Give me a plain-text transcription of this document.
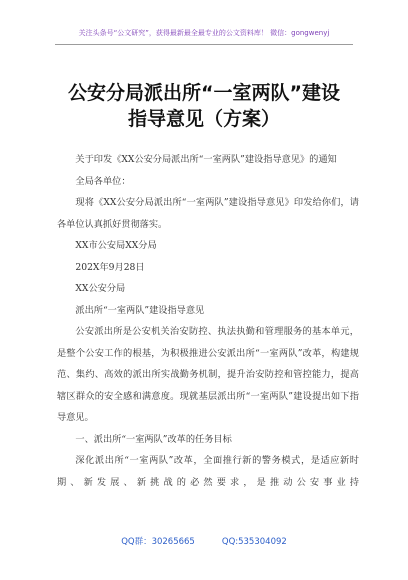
关注头条号“公文研究”，获得最新最全最专业的公文资料库！ 微信：gongwenyj
公安分局派出所“一室两队”建设
指导意见（方案）

关于印发《XX公安分局派出所“一室两队”建设指导意见》的通知

全局各单位：

现将《XX公安分局派出所“一室两队”建设指导意见》印发给你们，请各单位认真抓好贯彻落实。

XX市公安局XX分局

202X年9月28日

XX公安分局

派出所“一室两队”建设指导意见

公安派出所是公安机关治安防控、执法执勤和管理服务的基本单元，是整个公安工作的根基，为积极推进公安派出所“一室两队”改革，构建规范、集约、高效的派出所实战勤务机制，提升治安防控和管控能力，提高辖区群众的安全感和满意度。现就基层派出所“一室两队”建设提出如下指导意见。

一、派出所“一室两队”改革的任务目标

深化派出所“一室两队”改革，全面推行新的警务模式，是适应新时期、新发展、新挑战的必然要求，是推动公安事业持

QQ群：30265665	QQ:535304092
